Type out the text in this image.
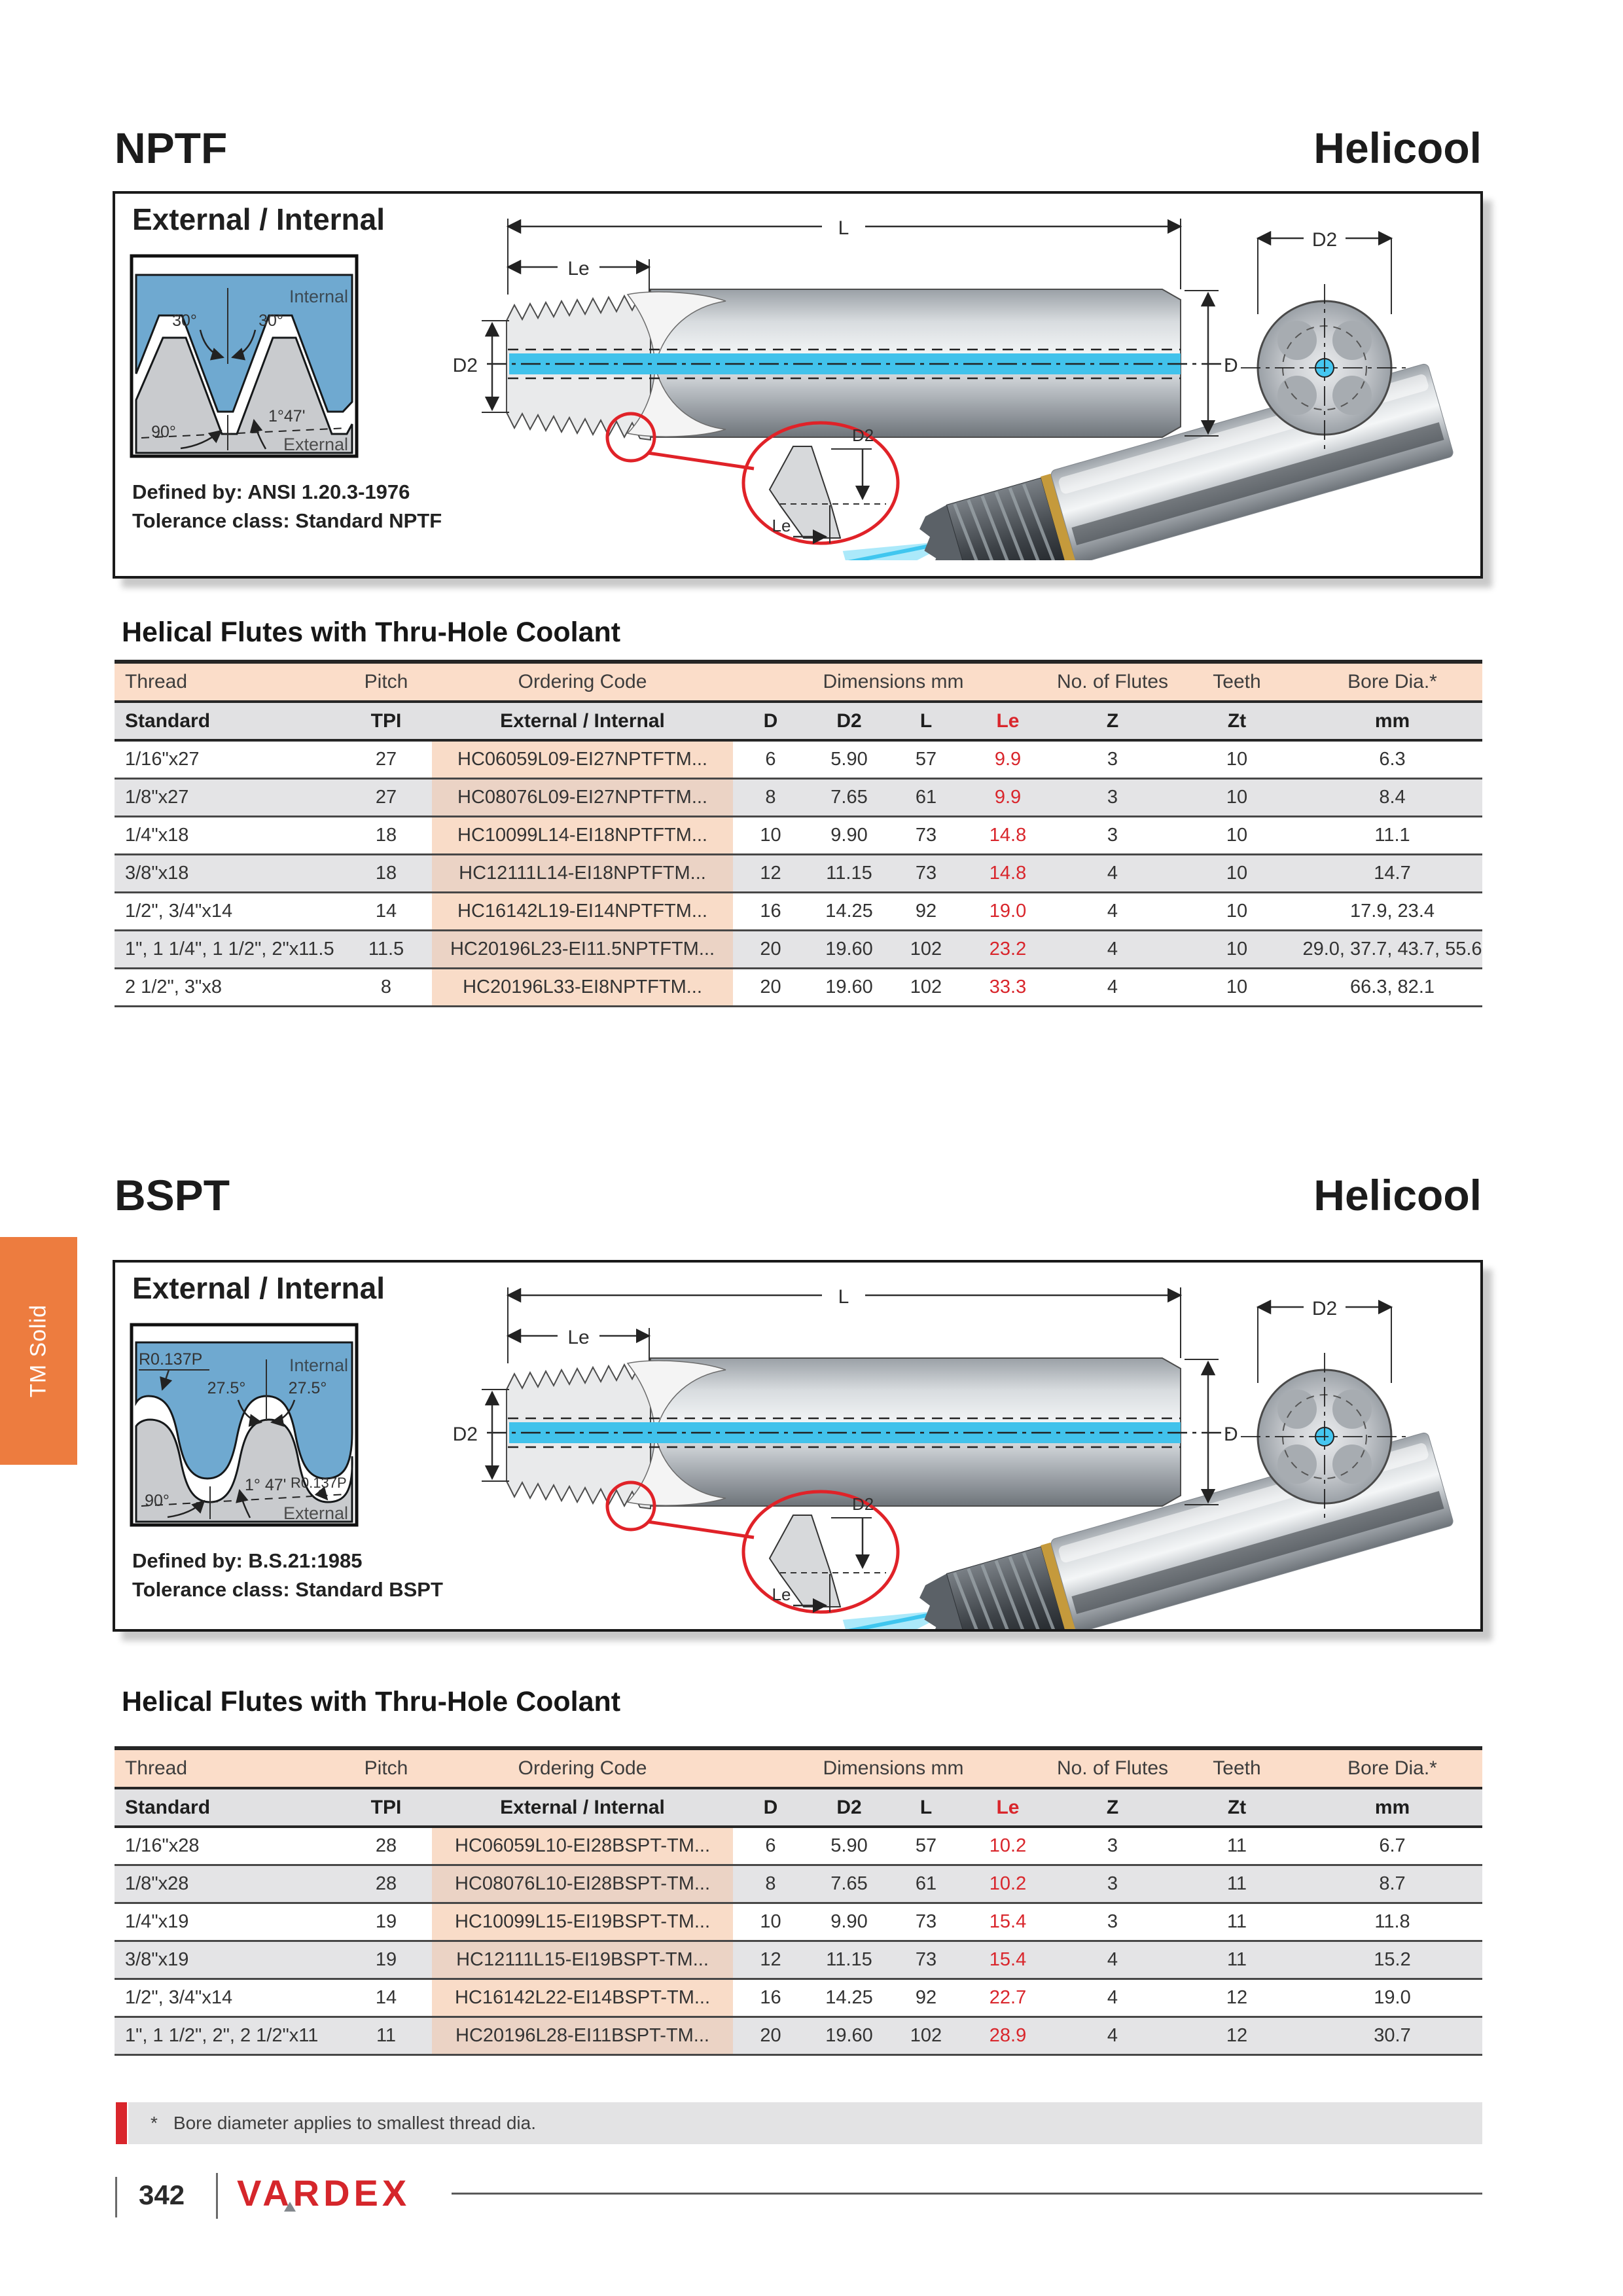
NPTF	Helicool
External / Internal
30°	30°
Internal
90°
1°47'
External
Defined by: ANSI 1.20.3-1976
Tolerance class: Standard NPTF
L
Le
D2	D
D2
Le
D2
Helical Flutes with Thru-Hole Coolant
Thread	Pitch	Ordering Code	Dimensions mm	No. of Flutes	Teeth	Bore Dia.*
Standard	TPI	External / Internal	D	D2	L	Le	Z	Zt	mm
1/16"x27	27	HC06059L09-EI27NPTFTM...	6	5.90	57	9.9	3	10	6.3
1/8"x27	27	HC08076L09-EI27NPTFTM...	8	7.65	61	9.9	3	10	8.4
1/4"x18	18	HC10099L14-EI18NPTFTM...	10	9.90	73	14.8	3	10	11.1
3/8"x18	18	HC12111L14-EI18NPTFTM...	12	11.15	73	14.8	4	10	14.7
1/2", 3/4"x14	14	HC16142L19-EI14NPTFTM...	16	14.25	92	19.0	4	10	17.9, 23.4
1", 1 1/4", 1 1/2", 2"x11.5	11.5	HC20196L23-EI11.5NPTFTM...	20	19.60	102	23.2	4	10	29.0, 37.7, 43.7, 55.6
2 1/2", 3"x8	8	HC20196L33-EI8NPTFTM...	20	19.60	102	33.3	4	10	66.3, 82.1
BSPT	Helicool
TM Solid
External / Internal
R0.137P
27.5°	27.5°
Internal
90°
1° 47' R0.137P
External
Defined by: B.S.21:1985
Tolerance class: Standard BSPT
L
Le
D2	D
D2
Le
D2
Helical Flutes with Thru-Hole Coolant
Thread	Pitch	Ordering Code	Dimensions mm	No. of Flutes	Teeth	Bore Dia.*
Standard	TPI	External / Internal	D	D2	L	Le	Z	Zt	mm
1/16"x28	28	HC06059L10-EI28BSPT-TM...	6	5.90	57	10.2	3	11	6.7
1/8"x28	28	HC08076L10-EI28BSPT-TM...	8	7.65	61	10.2	3	11	8.7
1/4"x19	19	HC10099L15-EI19BSPT-TM...	10	9.90	73	15.4	3	11	11.8
3/8"x19	19	HC12111L15-EI19BSPT-TM...	12	11.15	73	15.4	4	11	15.2
1/2", 3/4"x14	14	HC16142L22-EI14BSPT-TM...	16	14.25	92	22.7	4	12	19.0
1", 1 1/2", 2", 2 1/2"x11	11	HC20196L28-EI11BSPT-TM...	20	19.60	102	28.9	4	12	30.7
* Bore diameter applies to smallest thread dia.
342 VARDEX
